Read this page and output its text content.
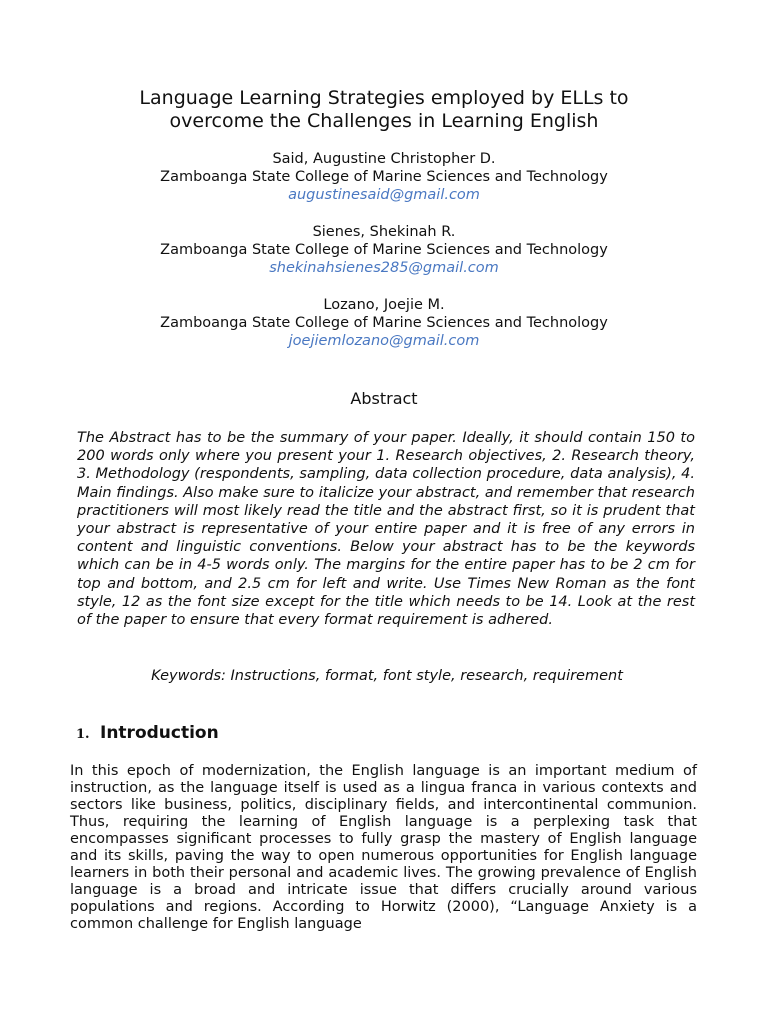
Language Learning Strategies employed by ELLs to
overcome the Challenges in Learning English
Said, Augustine Christopher D.
Zamboanga State College of Marine Sciences and Technology
augustinesaid@gmail.com
Sienes, Shekinah R.
Zamboanga State College of Marine Sciences and Technology
shekinahsienes285@gmail.com
Lozano, Joejie M.
Zamboanga State College of Marine Sciences and Technology
joejiemlozano@gmail.com
Abstract

The Abstract has to be the summary of your paper. Ideally, it should contain 150 to 200 words only where you present your 1. Research objectives, 2. Research theory, 3. Methodology (respondents, sampling, data collection procedure, data analysis), 4. Main findings. Also make sure to italicize your abstract, and remember that research practitioners will most likely read the title and the abstract first, so it is prudent that your abstract is representative of your entire paper and it is free of any errors in content and linguistic conventions. Below your abstract has to be the keywords which can be in 4-5 words only. The margins for the entire paper has to be 2 cm for top and bottom, and 2.5 cm for left and write. Use Times New Roman as the font style, 12 as the font size except for the title which needs to be 14. Look at the rest of the paper to ensure that every format requirement is adhered.

Keywords: Instructions, format, font style, research, requirement

1. Introduction

In this epoch of modernization, the English language is an important medium of instruction, as the language itself is used as a lingua franca in various contexts and sectors like business, politics, disciplinary fields, and intercontinental communion. Thus, requiring the learning of English language is a perplexing task that encompasses significant processes to fully grasp the mastery of English language and its skills, paving the way to open numerous opportunities for English language learners in both their personal and academic lives. The growing prevalence of English language is a broad and intricate issue that differs crucially around various populations and regions. According to Horwitz (2000), “Language Anxiety is a common challenge for English language
